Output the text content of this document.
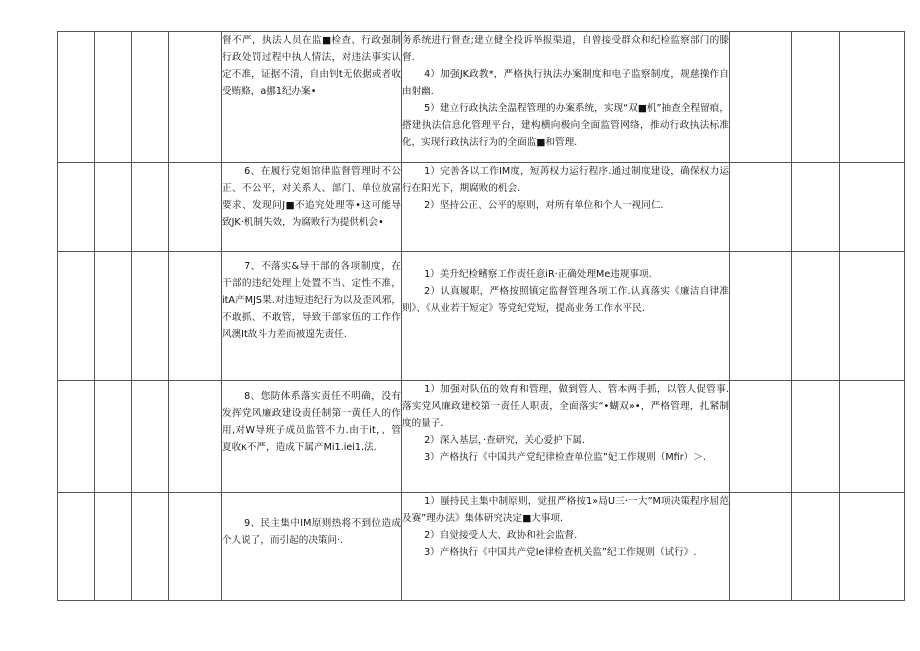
				督不严，执法人员在监■检查、行政强制行政处罚过程中执人情法，对违法事实认定不准，证据不清，自由钊t无依据或者收受贿赂，a挪1纪办案•	务系统进行督查;建立健全投诉举报渠道，自曾接受群众和纪检监察部门的滕督.

4）加强JK政教*，严格执行执法办案制度和电子监察制度，规慈操作自由射幽.

5）建立行政执法全温程管理的办案系统，实现“双■机”抽查全程留痕，搭建执法信息化管理平台，建构横向极向全面监管网络，推动行政执法标准化，实现行政执法行为的全面监■和管理.			

				6、在履行党姐馆律监督管理时不公正、不公平，对关系人、部门、单位放富要求、发现问J■不追究处理等•这可能导致JK·机制失效，为腐败行为提供机会•	1）完善各以工作IM度，短苒权力运行程序.通过制度建设，确保权力运行在阳光下，期腐败的机会.

2）坚持公正、公平的原则，对所有单位和个人一视同仁.			

				7、不落实&导干部的各项制度，在干部的违纪处理上处置不当、定性不准，itA产MJS果.对违短违纪行为以及歪风邪，不敢抓、不敢管，导致干部家伍的工作作风澳It故斗力差而被遑先责任.	1）美升纪检鳍察工作责任意iR·正确处理Me违规事项.

2）认真履职，严格按照镇定监督管理各项工作.认真落实《廉洁自律准则》、《从业若干短定》等党纪党短，提高业务工作水平民.			

				8、您防体系落实责任不明确，没有发挥党风廉政建设责任制第一黄任人的作用,对W导班子成员监管不力.由于it，、管夏收κ不严，造成下属产Mi1.iei1.法.	1）加强对队伍的效育和管理，做到管人、管本两手抓，以管人促管事.落实党风廉政建校第一责任人职责，全面落实“•蝴双»•，严格管理，扎紧制度的量子.

2）深入基层，·查研究，关心爱护下属.

3）产格执行《中国共产党纪律检查单位监”妃工作规则（Mfir）＞.			

				9、民主集中IM原则热将不到位造成个人说了，而引起的决策问·.	1）蜃持民主集中制原则，觉扭严格按1»局U三·一大”M项决策程序屈范及赛”理办法》集体研究决定■大事项.

2）自觉接受人大、政协和社会监督.

3）产格执行《中国共产党Ie律检查机关监”纪工作规则（试行》.			
